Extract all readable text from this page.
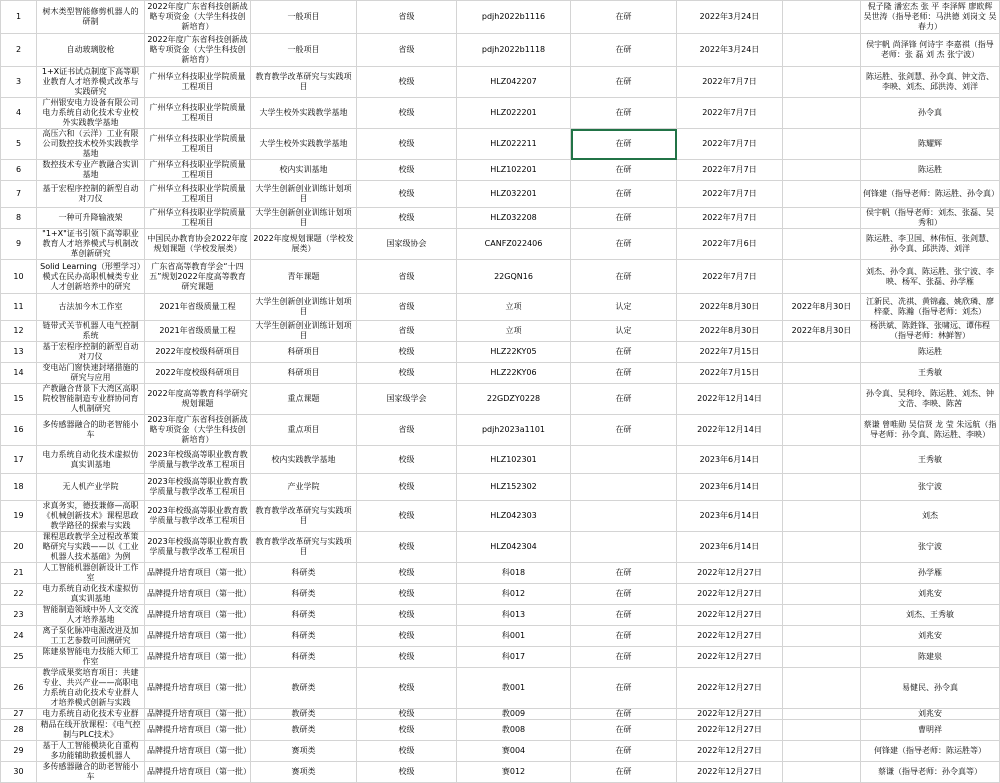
1	树木类型智能修剪机器人的研制	2022年度广东省科技创新战略专项资金（大学生科技创新培育）	一般项目	省级	pdjh2022b1116	在研	2022年3月24日		倪子隆 潘宏杰 张 平 李泽辉 廖欧辉 吴世涛（指导老师：马洪德 刘岗文 吴春力）
2	自动玻璃胶枪	2022年度广东省科技创新战略专项资金（大学生科技创新培育）	一般项目	省级	pdjh2022b1118	在研	2022年3月24日		侯宇帆 尚泽锋 何诗宇 李嘉祺（指导老师：张 磊 刘 杰 张宁波）
3	1+X证书试点制度下高等职业教育人才培养模式改革与实践研究	广州华立科技职业学院质量工程项目	教育教学改革研究与实践项目	校级	HLZ042207	在研	2022年7月7日		陈运胜、张剑慧、孙令真、钟文浩、李映、刘杰、邱洪涛、刘洋
4	广州银安电力设备有限公司电力系统自动化技术专业校外实践教学基地	广州华立科技职业学院质量工程项目	大学生校外实践教学基地	校级	HLZ022201	在研	2022年7月7日		孙令真
5	高压六和（云洋）工业有限公司数控技术校外实践教学基地	广州华立科技职业学院质量工程项目	大学生校外实践教学基地	校级	HLZ022211	在研	2022年7月7日		陈耀辉
6	数控技术专业产教融合实训基地	广州华立科技职业学院质量工程项目	校内实训基地	校级	HLZ102201	在研	2022年7月7日		陈运胜
7	基于宏程序控制的新型自动对刀仪	广州华立科技职业学院质量工程项目	大学生创新创业训练计划项目	校级	HLZ032201	在研	2022年7月7日		何锋建（指导老师：陈运胜、孙令真）
8	一种可升降输液架	广州华立科技职业学院质量工程项目	大学生创新创业训练计划项目	校级	HLZ032208	在研	2022年7月7日		侯宇帆（指导老师：刘杰、张磊、吴秀和）
9	"1+X"证书引领下高等职业教育人才培养模式与机制改革创新研究	中国民办教育协会2022年度规划课题（学校发展类）	2022年度规划课题（学校发展类）	国家级协会	CANFZ022406	在研	2022年7月6日		陈运胜、李卫国、林伟恒、张剑慧、孙令真、邱洪涛、刘洋
10	Solid Learning（形塑学习）模式在民办高职机械类专业人才创新培养中的研究	广东省高等教育学会“十四五”规划2022年度高等教育研究课题	青年课题	省级	22GQN16	在研	2022年7月7日		刘杰、孙令真、陈运胜、张宁波、李映、杨军、张磊、孙学雁
11	古法加今木工作室	2021年省级质量工程	大学生创新创业训练计划项目	省级	立项	认定	2022年8月30日	2022年8月30日	江新民、冼祺、黄锦鑫、姚欣璘、廖梓豪、陈瀚（指导老师：刘杰）
12	链带式关节机器人电气控制系统	2021年省级质量工程	大学生创新创业训练计划项目	省级	立项	认定	2022年8月30日	2022年8月30日	杨洪斌、陈鉎锋、张啸远、谭伟程（指导老师：林鲜智）
13	基于宏程序控制的新型自动对刀仪	2022年度校级科研项目	科研项目	校级	HLZ22KY05	在研	2022年7月15日		陈运胜
14	变电站门窗快速封堵措施的研究与应用	2022年度校级科研项目	科研项目	校级	HLZ22KY06	在研	2022年7月15日		王秀敏
15	产教融合背景下大湾区高职院校智能制造专业群协同育人机制研究	2022年度高等教育科学研究规划课题	重点课题	国家级学会	22GDZY0228	在研	2022年12月14日		孙令真、吴利玲、陈运胜、刘杰、钟文浩、李映、陈茜
16	多传感器融合的助老智能小车	2023年度广东省科技创新战略专项资金（大学生科技创新培育）	重点项目	省级	pdjh2023a1101	在研	2022年12月14日		蔡谦 曾唯勋 吴信贤 龙 莹 朱远航（指导老师：孙令真、陈运胜、李映）
17	电力系统自动化技术虚拟仿真实训基地	2023年校级高等职业教育教学质量与教学改革工程项目	校内实践教学基地	校级	HLZ102301		2023年6月14日		王秀敏
18	无人机产业学院	2023年校级高等职业教育教学质量与教学改革工程项目	产业学院	校级	HLZ152302		2023年6月14日		张宁波
19	求真务实，德技兼修—高职《机械创新技术》课程思政教学路径的探索与实践	2023年校级高等职业教育教学质量与教学改革工程项目	教育教学改革研究与实践项目	校级	HLZ042303		2023年6月14日		刘杰
20	课程思政教学全过程改革策略研究与实践——以《工业机器人技术基础》为例	2023年校级高等职业教育教学质量与教学改革工程项目	教育教学改革研究与实践项目	校级	HLZ042304		2023年6月14日		张宁波
21	人工智能机器创新设计工作室	品牌提升培育项目（第一批）	科研类	校级	科018	在研	2022年12月27日		孙学雁
22	电力系统自动化技术虚拟仿真实训基地	品牌提升培育项目（第一批）	科研类	校级	科012	在研	2022年12月27日		刘兆安
23	智能制造领域中外人文交流人才培养基地	品牌提升培育项目（第一批）	科研类	校级	科013	在研	2022年12月27日		刘杰、王秀敏
24	离子泵化脉冲电源改进及加工工艺参数可回溯研究	品牌提升培育项目（第一批）	科研类	校级	科001	在研	2022年12月27日		刘兆安
25	陈建泉智能电力技能大师工作室	品牌提升培育项目（第一批）	科研类	校级	科017	在研	2022年12月27日		陈建泉
26	教学成果奖培育项目：共建专业、共兴产业——高职电力系统自动化技术专业群人才培养模式创新与实践	品牌提升培育项目（第一批）	教研类	校级	教001	在研	2022年12月27日		易健民、孙令真
27	电力系统自动化技术专业群	品牌提升培育项目（第一批）	教研类	校级	教009	在研	2022年12月27日		刘兆安
28	精品在线开放课程：《电气控制与PLC技术》	品牌提升培育项目（第一批）	教研类	校级	教008	在研	2022年12月27日		曹明祥
29	基于人工智能模块化自重构多功能辅助救援机器人	品牌提升培育项目（第一批）	赛项类	校级	赛004	在研	2022年12月27日		何锋建（指导老师：陈运胜等）
30	多传感器融合的助老智能小车	品牌提升培育项目（第一批）	赛项类	校级	赛012	在研	2022年12月27日		蔡谦（指导老师：孙令真等）
